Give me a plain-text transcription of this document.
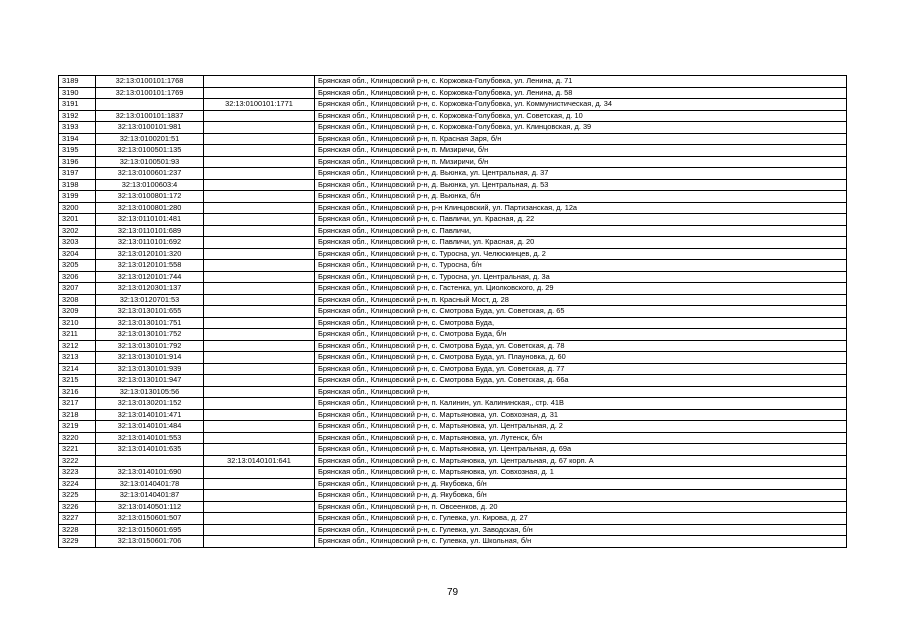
3189	32:13:0100101:1768		Брянская обл., Клинцовский р-н, с. Коржовка-Голубовка, ул. Ленина, д. 71
3190	32:13:0100101:1769		Брянская обл., Клинцовский р-н, с. Коржовка-Голубовка, ул. Ленина, д. 58
3191		32:13:0100101:1771	Брянская обл., Клинцовский р-н, с. Коржовка-Голубовка, ул. Коммунистическая, д. 34
3192	32:13:0100101:1837		Брянская обл., Клинцовский р-н, с. Коржовка-Голубовка, ул. Советская, д. 10
3193	32:13:0100101:981		Брянская обл., Клинцовский р-н, с. Коржовка-Голубовка, ул. Клинцовская, д. 39
3194	32:13:0100201:51		Брянская обл., Клинцовский р-н, п. Красная Заря, б/н
3195	32:13:0100501:135		Брянская обл., Клинцовский р-н, п. Мизиричи, б/н
3196	32:13:0100501:93		Брянская обл., Клинцовский р-н, п. Мизиричи, б/н
3197	32:13:0100601:237		Брянская обл., Клинцовский р-н, д. Вьюнка, ул. Центральная, д. 37
3198	32:13:0100603:4		Брянская обл., Клинцовский р-н, д. Вьюнка, ул. Центральная, д. 53
3199	32:13:0100801:172		Брянская обл., Клинцовский р-н, д. Вьюнка, б/н
3200	32:13:0100801:280		Брянская обл., Клинцовский р-н, р-н Клинцовский, ул. Партизанская, д. 12а
3201	32:13:0110101:481		Брянская обл., Клинцовский р-н, с. Павличи, ул. Красная, д. 22
3202	32:13:0110101:689		Брянская обл., Клинцовский р-н, с. Павличи,
3203	32:13:0110101:692		Брянская обл., Клинцовский р-н, с. Павличи, ул. Красная, д. 20
3204	32:13:0120101:320		Брянская обл., Клинцовский р-н, с. Туросна, ул. Челюскинцев, д. 2
3205	32:13:0120101:558		Брянская обл., Клинцовский р-н, с. Туросна, б/н
3206	32:13:0120101:744		Брянская обл., Клинцовский р-н, с. Туросна, ул. Центральная, д. 3а
3207	32:13:0120301:137		Брянская обл., Клинцовский р-н, с. Гастенка, ул. Циолковского, д. 29
3208	32:13:0120701:53		Брянская обл., Клинцовский р-н, п. Красный Мост, д. 28
3209	32:13:0130101:655		Брянская обл., Клинцовский р-н, с. Смотрова Буда, ул. Советская, д. 65
3210	32:13:0130101:751		Брянская обл., Клинцовский р-н, с. Смотрова Буда,
3211	32:13:0130101:752		Брянская обл., Клинцовский р-н, с. Смотрова Буда, б/н
3212	32:13:0130101:792		Брянская обл., Клинцовский р-н, с. Смотрова Буда, ул. Советская, д. 78
3213	32:13:0130101:914		Брянская обл., Клинцовский р-н, с. Смотрова Буда, ул. Плауновка, д. 60
3214	32:13:0130101:939		Брянская обл., Клинцовский р-н, с. Смотрова Буда, ул. Советская, д. 77
3215	32:13:0130101:947		Брянская обл., Клинцовский р-н, с. Смотрова Буда, ул. Советская, д. 66а
3216	32:13:0130105:56		Брянская обл., Клинцовский р-н,
3217	32:13:0130201:152		Брянская обл., Клинцовский р-н, п. Калинин, ул. Калининская,, стр. 41В
3218	32:13:0140101:471		Брянская обл., Клинцовский р-н, с. Мартьяновка, ул. Совхозная, д. 31
3219	32:13:0140101:484		Брянская обл., Клинцовский р-н, с. Мартьяновка, ул. Центральная, д. 2
3220	32:13:0140101:553		Брянская обл., Клинцовский р-н, с. Мартьяновка, ул. Лутенск, б/н
3221	32:13:0140101:635		Брянская обл., Клинцовский р-н, с. Мартьяновка, ул. Центральная, д. 69а
3222		32:13:0140101:641	Брянская обл., Клинцовский р-н, с. Мартьяновка, ул. Центральная, д. 67 корп. А
3223	32:13:0140101:690		Брянская обл., Клинцовский р-н, с. Мартьяновка, ул. Совхозная, д. 1
3224	32:13:0140401:78		Брянская обл., Клинцовский р-н, д. Якубовка, б/н
3225	32:13:0140401:87		Брянская обл., Клинцовский р-н, д. Якубовка, б/н
3226	32:13:0140501:112		Брянская обл., Клинцовский р-н, п. Овсеенков, д. 20
3227	32:13:0150601:507		Брянская обл., Клинцовский р-н, с. Гулевка, ул. Кирова, д. 27
3228	32:13:0150601:695		Брянская обл., Клинцовский р-н, с. Гулевка, ул. Заводская, б/н
3229	32:13:0150601:706		Брянская обл., Клинцовский р-н, с. Гулевка, ул. Школьная, б/н
79
